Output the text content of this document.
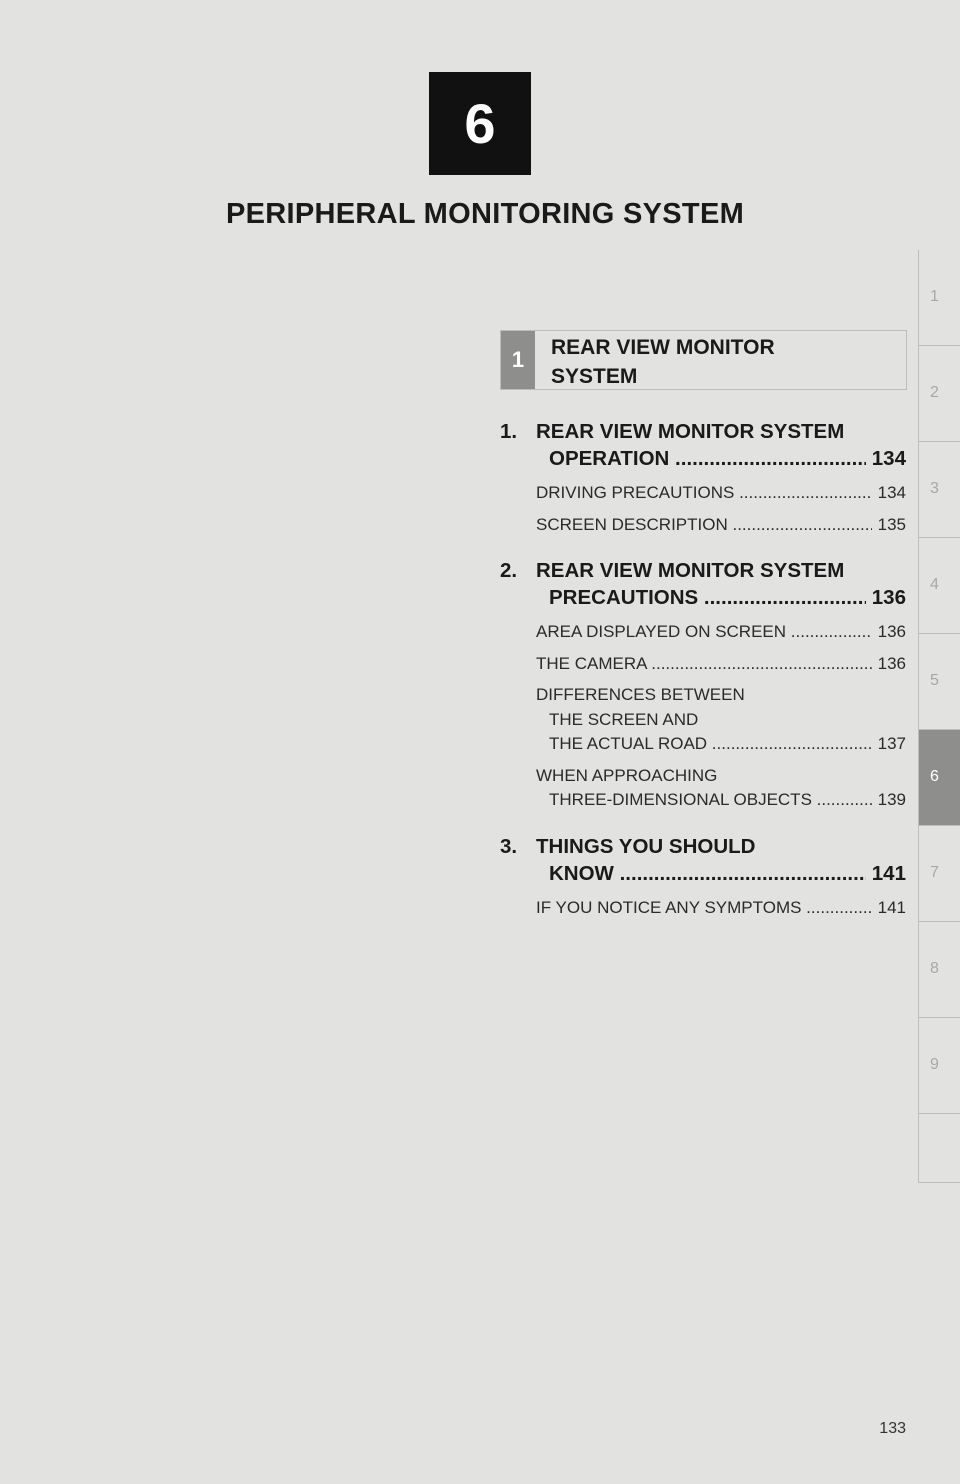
6
PERIPHERAL MONITORING SYSTEM
1
2
3
4
5
6
7
8
9
1	REAR VIEW MONITOR
SYSTEM
1. REAR VIEW MONITOR SYSTEM
OPERATION .....	134
DRIVING PRECAUTIONS .....	134
SCREEN DESCRIPTION .....	135
2. REAR VIEW MONITOR SYSTEM
PRECAUTIONS .....	136
AREA DISPLAYED ON SCREEN .....	136
THE CAMERA .....	136
DIFFERENCES BETWEEN
THE SCREEN AND
THE ACTUAL ROAD .....	137
WHEN APPROACHING
THREE-DIMENSIONAL OBJECTS .....	139
3. THINGS YOU SHOULD
KNOW .....	141
IF YOU NOTICE ANY SYMPTOMS .....	141
133
